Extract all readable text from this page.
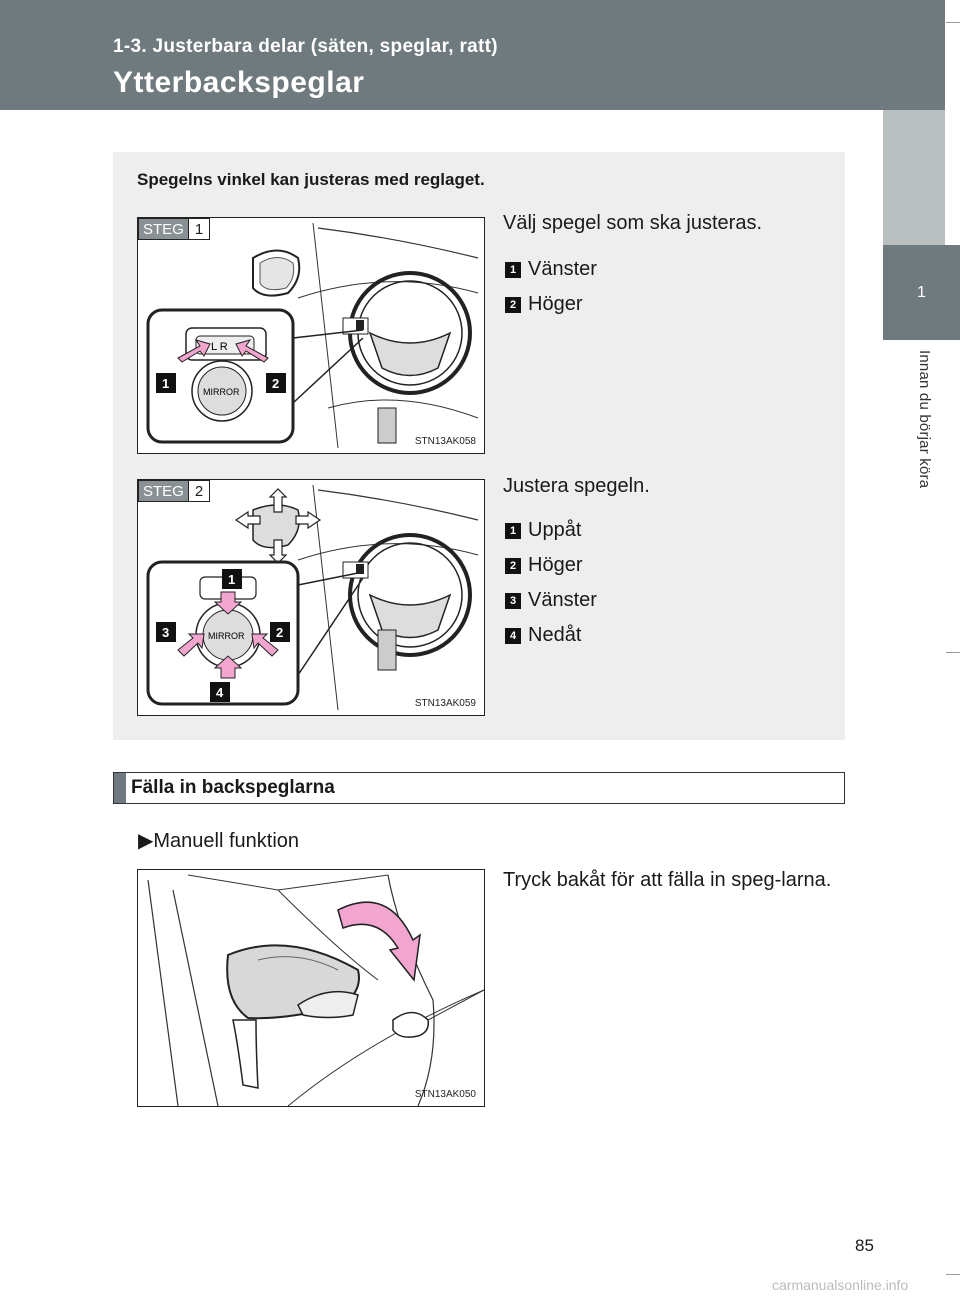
1-3. Justerbara delar (säten, speglar, ratt)
Ytterbackspeglar
1
Innan du börjar köra
Spegelns vinkel kan justeras med reglaget.
L R
MIRROR
1	2
STEG 1
STN13AK058
Välj spegel som ska justeras.
1 Vänster
2 Höger
MIRROR
1
2
3
4
STEG 2
STN13AK059
Justera spegeln.
1 Uppåt
2 Höger
3 Vänster
4 Nedåt
Fälla in backspeglarna
▶Manuell funktion
STN13AK050
Tryck bakåt för att fälla in speg-larna.
85
carmanualsonline.info
